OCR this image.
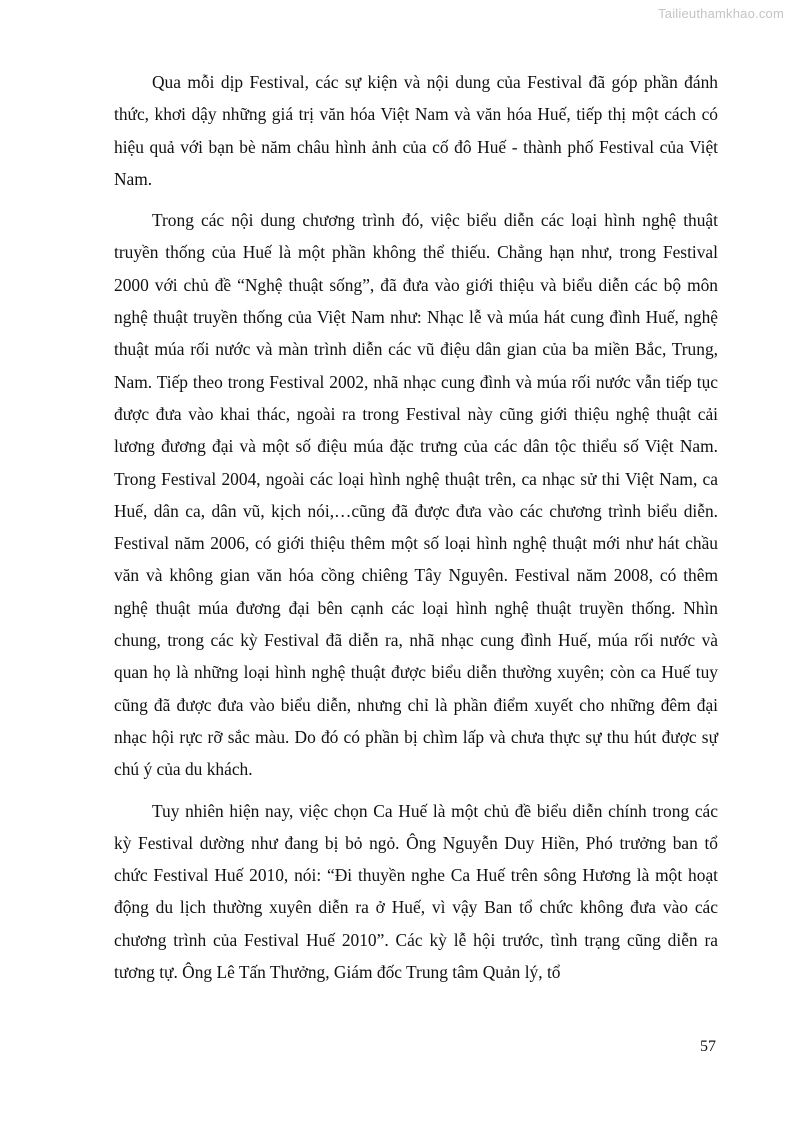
Tailieuthamkhao.com

Qua mỗi dịp Festival, các sự kiện và nội dung của Festival đã góp phần đánh thức, khơi dậy những giá trị văn hóa Việt Nam và văn hóa Huế, tiếp thị một cách có hiệu quả với bạn bè năm châu hình ảnh của cố đô Huế - thành phố Festival của Việt Nam.

Trong các nội dung chương trình đó, việc biểu diễn các loại hình nghệ thuật truyền thống của Huế là một phần không thể thiếu. Chẳng hạn như, trong Festival 2000 với chủ đề “Nghệ thuật sống”, đã đưa vào giới thiệu và biểu diễn các bộ môn nghệ thuật truyền thống của Việt Nam như: Nhạc lễ và múa hát cung đình Huế, nghệ thuật múa rối nước và màn trình diễn các vũ điệu dân gian của ba miền Bắc, Trung, Nam. Tiếp theo trong Festival 2002, nhã nhạc cung đình và múa rối nước vẫn tiếp tục được đưa vào khai thác, ngoài ra trong Festival này cũng giới thiệu nghệ thuật cải lương đương đại và một số điệu múa đặc trưng của các dân tộc thiểu số Việt Nam. Trong Festival 2004, ngoài các loại hình nghệ thuật trên, ca nhạc sử thi Việt Nam, ca Huế, dân ca, dân vũ, kịch nói,…cũng đã được đưa vào các chương trình biểu diễn. Festival năm 2006, có giới thiệu thêm một số loại hình nghệ thuật mới như hát chầu văn và không gian văn hóa cồng chiêng Tây Nguyên. Festival năm 2008, có thêm nghệ thuật múa đương đại bên cạnh các loại hình nghệ thuật truyền thống. Nhìn chung, trong các kỳ Festival đã diễn ra, nhã nhạc cung đình Huế, múa rối nước và quan họ là những loại hình nghệ thuật được biểu diễn thường xuyên; còn ca Huế tuy cũng đã được đưa vào biểu diễn, nhưng chỉ là phần điểm xuyết cho những đêm đại nhạc hội rực rỡ sắc màu. Do đó có phần bị chìm lấp và chưa thực sự thu hút được sự chú ý của du khách.

Tuy nhiên hiện nay, việc chọn Ca Huế là một chủ đề biểu diễn chính trong các kỳ Festival dường như đang bị bỏ ngỏ. Ông Nguyễn Duy Hiền, Phó trưởng ban tổ chức Festival Huế 2010, nói: “Đi thuyền nghe Ca Huế trên sông Hương là một hoạt động du lịch thường xuyên diễn ra ở Huế, vì vậy Ban tổ chức không đưa vào các chương trình của Festival Huế 2010”. Các kỳ lễ hội trước, tình trạng cũng diễn ra tương tự. Ông Lê Tấn Thưởng, Giám đốc Trung tâm Quản lý, tổ

57
